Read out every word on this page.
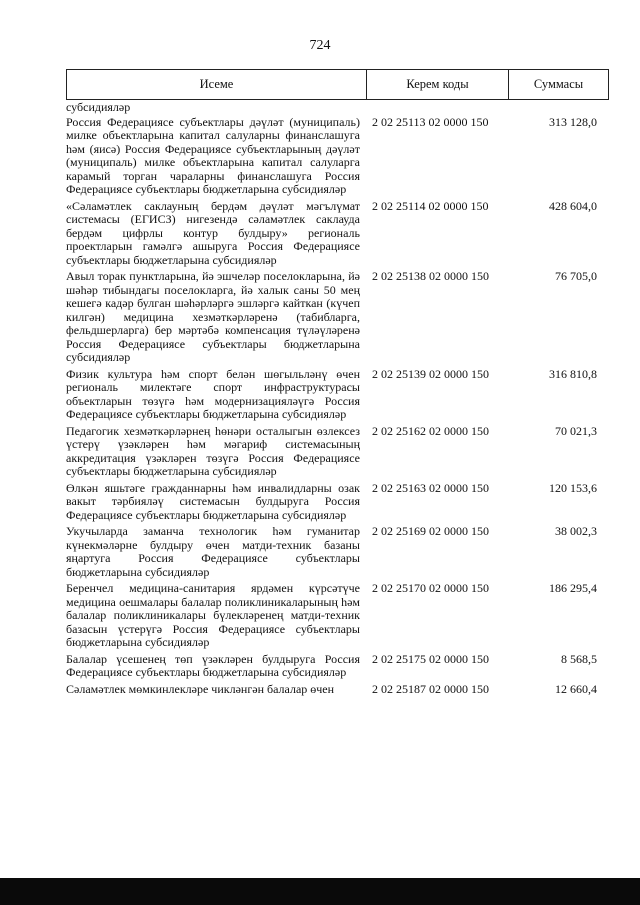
724
Исеме	Керем коды	Суммасы
субсидияләр
Россия Федерациясе субъектлары дәүләт (муниципаль) милке объектларына капитал салуларны финанслашуга һәм (яисә) Россия Федерациясе субъектларының дәүләт (муниципаль) милке объектларына капитал салуларга карамый торган чараларны финанслашуга Россия Федерациясе субъектлары бюджетларына субсидияләр
2 02 25113 02 0000 150	313 128,0
«Сәламәтлек саклауның бердәм дәүләт мәгълүмат системасы (ЕГИСЗ) нигезендә сәламәтлек саклауда бердәм цифрлы контур булдыру» региональ проектларын гамәлгә ашыруга Россия Федерациясе субъектлары бюджетларына субсидияләр
2 02 25114 02 0000 150	428 604,0
Авыл торак пунктларына, йә эшчеләр поселокларына, йә шәһәр тибындагы поселокларга, йә халык саны 50 мең кешегә кадәр булган шәһәрләргә эшләргә кайткан (күчеп килгән) медицина хезмәткәрләренә (табибларга, фельдшерларга) бер мәртәбә компенсация түләүләренә Россия Федерациясе субъектлары бюджетларына субсидияләр
2 02 25138 02 0000 150	76 705,0
Физик культура һәм спорт белән шөгыльләнү өчен региональ милектәге спорт инфраструктурасы объектларын төзүгә һәм модернизацияләүгә Россия Федерациясе субъектлары бюджетларына субсидияләр
2 02 25139 02 0000 150	316 810,8
Педагогик хезмәткәрләрнең һөнәри осталыгын өзлексез үстерү үзәкләрен һәм мәгариф системасының аккредитация үзәкләрен төзүгә Россия Федерациясе субъектлары бюджетларына субсидияләр
2 02 25162 02 0000 150	70 021,3
Өлкән яшьтәге гражданнарны һәм инвалидларны озак вакыт тәрбияләү системасын булдыруга Россия Федерациясе субъектлары бюджетларына субсидияләр
2 02 25163 02 0000 150	120 153,6
Укучыларда заманча технологик һәм гуманитар күнекмәләрне булдыру өчен матди-техник базаны яңартуга Россия Федерациясе субъектлары бюджетларына субсидияләр
2 02 25169 02 0000 150	38 002,3
Беренчел медицина-санитария ярдәмен күрсәтүче медицина оешмалары балалар поликлиникаларының һәм балалар поликлиникалары бүлекләренең матди-техник базасын үстерүгә Россия Федерациясе субъектлары бюджетларына субсидияләр
2 02 25170 02 0000 150	186 295,4
Балалар үсешенең төп үзәкләрен булдыруга Россия Федерациясе субъектлары бюджетларына субсидияләр
2 02 25175 02 0000 150	8 568,5
Сәламәтлек мөмкинлекләре чикләнгән балалар өчен	2 02 25187 02 0000 150	12 660,4
